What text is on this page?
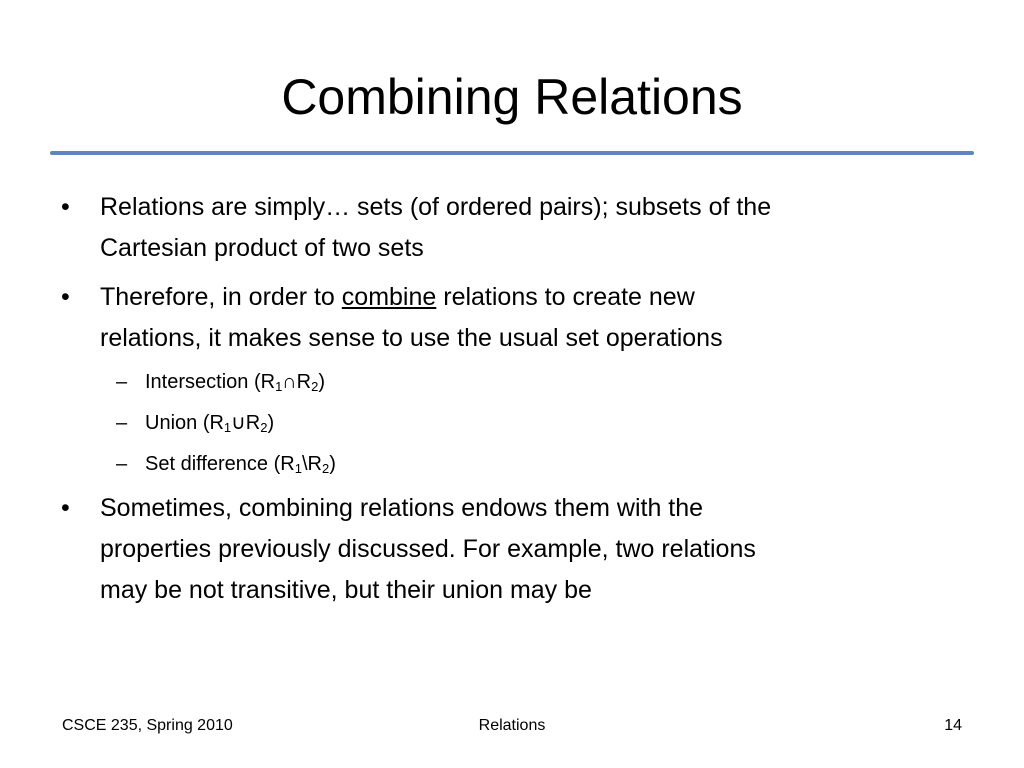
Combining Relations
• Relations are simply… sets (of ordered pairs); subsets of the
Cartesian product of two sets
• Therefore, in order to combine relations to create new
relations, it makes sense to use the usual set operations
– Intersection $(R_1\cap R_2)$
– Union $(R_1\cup R_2)$
– Set difference $(R_1\backslash R_2)$
• Sometimes, combining relations endows them with the
properties previously discussed. For example, two relations
may be not transitive, but their union may be
CSCE 235, Spring 2010	Relations	14
